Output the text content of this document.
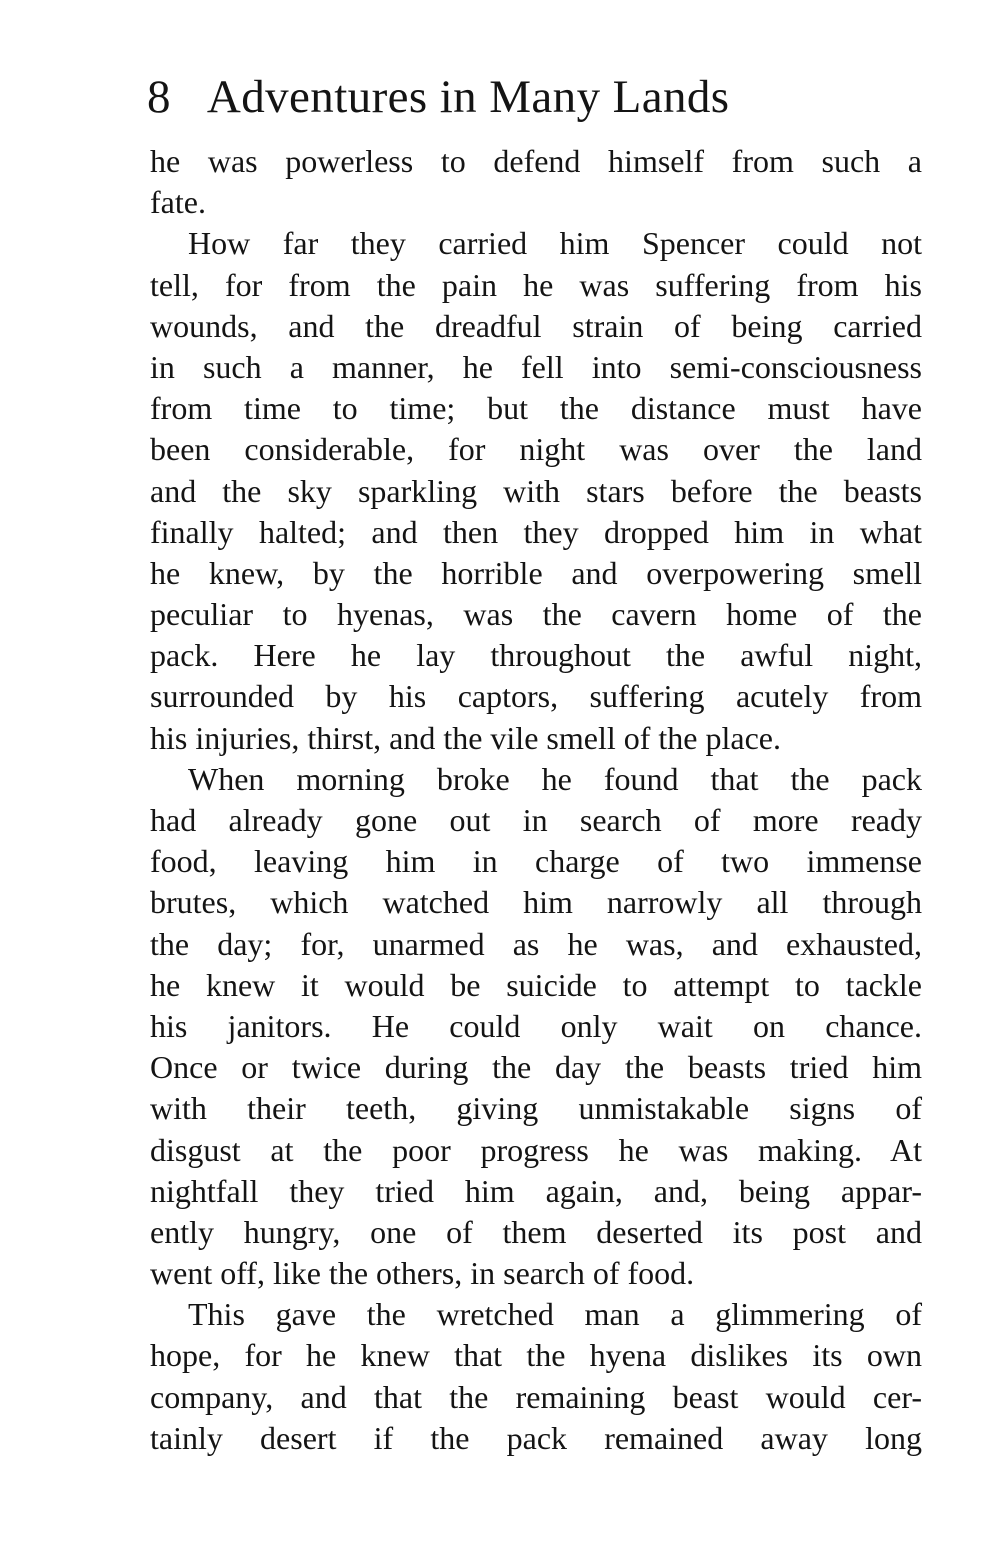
8 Adventures in Many Lands
he was powerless to defend himself from such a
fate.
How far they carried him Spencer could not
tell, for from the pain he was suffering from his
wounds, and the dreadful strain of being carried
in such a manner, he fell into semi-consciousness
from time to time; but the distance must have
been considerable, for night was over the land
and the sky sparkling with stars before the beasts
finally halted; and then they dropped him in what
he knew, by the horrible and overpowering smell
peculiar to hyenas, was the cavern home of the
pack. Here he lay throughout the awful night,
surrounded by his captors, suffering acutely from
his injuries, thirst, and the vile smell of the place.
When morning broke he found that the pack
had already gone out in search of more ready
food, leaving him in charge of two immense
brutes, which watched him narrowly all through
the day; for, unarmed as he was, and exhausted,
he knew it would be suicide to attempt to tackle
his janitors. He could only wait on chance.
Once or twice during the day the beasts tried him
with their teeth, giving unmistakable signs of
disgust at the poor progress he was making. At
nightfall they tried him again, and, being appar-
ently hungry, one of them deserted its post and
went off, like the others, in search of food.
This gave the wretched man a glimmering of
hope, for he knew that the hyena dislikes its own
company, and that the remaining beast would cer-
tainly desert if the pack remained away long
